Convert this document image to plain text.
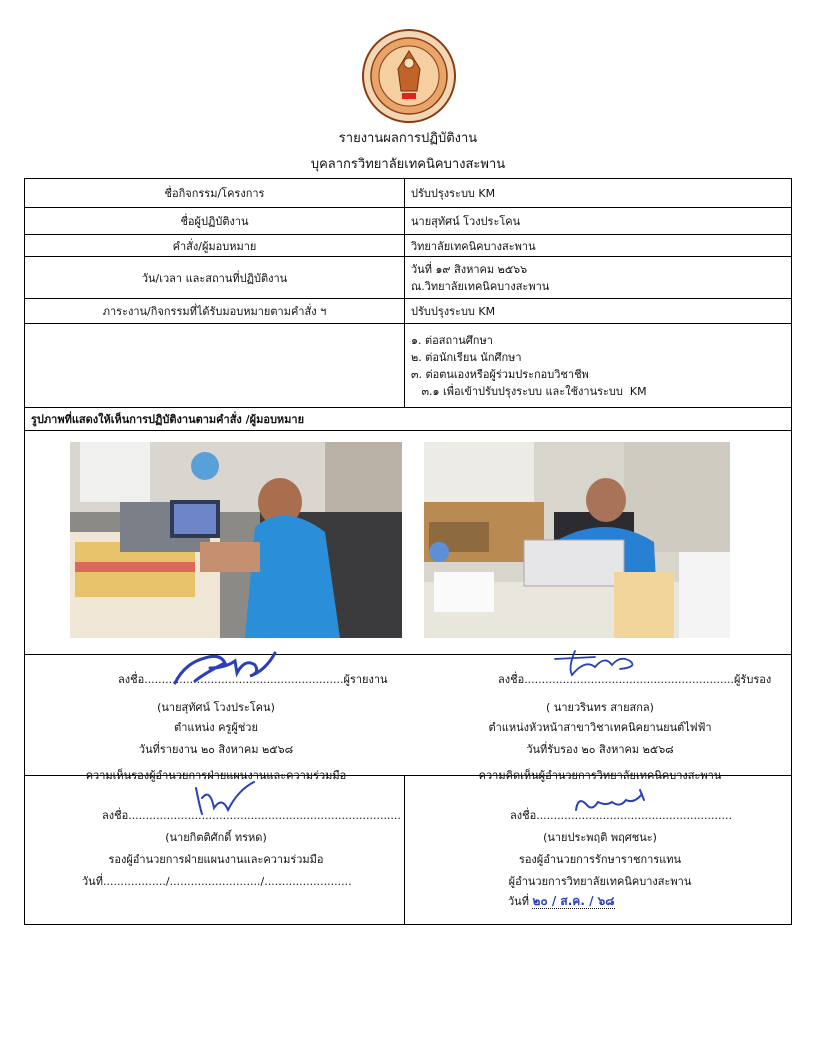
รายงานผลการปฏิบัติงาน
บุคลากรวิทยาลัยเทคนิคบางสะพาน
ชื่อกิจกรรม/โครงการ	ปรับปรุงระบบ KM
ชื่อผู้ปฏิบัติงาน	นายสุทัศน์ โวงประโคน
คำสั่ง/ผู้มอบหมาย	วิทยาลัยเทคนิคบางสะพาน
วัน/เวลา และสถานที่ปฏิบัติงาน	วันที่ ๑๙ สิงหาคม ๒๕๖๖
ณ.วิทยาลัยเทคนิคบางสะพาน

ภาระงาน/กิจกรรมที่ได้รับมอบหมายตามคำสั่ง ฯ	ปรับปรุงระบบ KM

	๑. ต่อสถานศึกษา
๒. ต่อนักเรียน นักศึกษา
๓. ต่อตนเองหรือผู้ร่วมประกอบวิชาชีพ
๓.๑ เพื่อเข้าปรับปรุงระบบ และใช้งานระบบ  KM

รูปภาพที่แสดงให้เห็นการปฏิบัติงานตามคำสั่ง /ผู้มอบหมาย	

ลงชื่อ.........................................................ผู้รายงาน
(นายสุทัศน์ โวงประโคน)
ตำแหน่ง ครูผู้ช่วย
วันที่รายงาน ๒๐ สิงหาคม ๒๕๖๘
ลงชื่อ............................................................ผู้รับรอง
( นายวรินทร สายสกล)
ตำแหน่งหัวหน้าสาขาวิชาเทคนิคยานยนต์ไฟฟ้า
วันที่รับรอง ๒๐ สิงหาคม ๒๕๖๘
ความเห็นรองผู้อำนวยการฝ่ายแผนงานและความร่วมมือ
ลงชื่อ..............................................................................
(นายกิตติศักดิ์ ทรหด)
รองผู้อำนวยการฝ่ายแผนงานและความร่วมมือ
วันที่................../........................../.........................
ความคิดเห็นผู้อำนวยการวิทยาลัยเทคนิคบางสะพาน
ลงชื่อ........................................................
(นายประพฤติ พฤศชนะ)
รองผู้อำนวยการรักษาราชการแทน
ผู้อำนวยการวิทยาลัยเทคนิคบางสะพาน
วันที่ ๒๐ / ส.ค. / ๖๘
